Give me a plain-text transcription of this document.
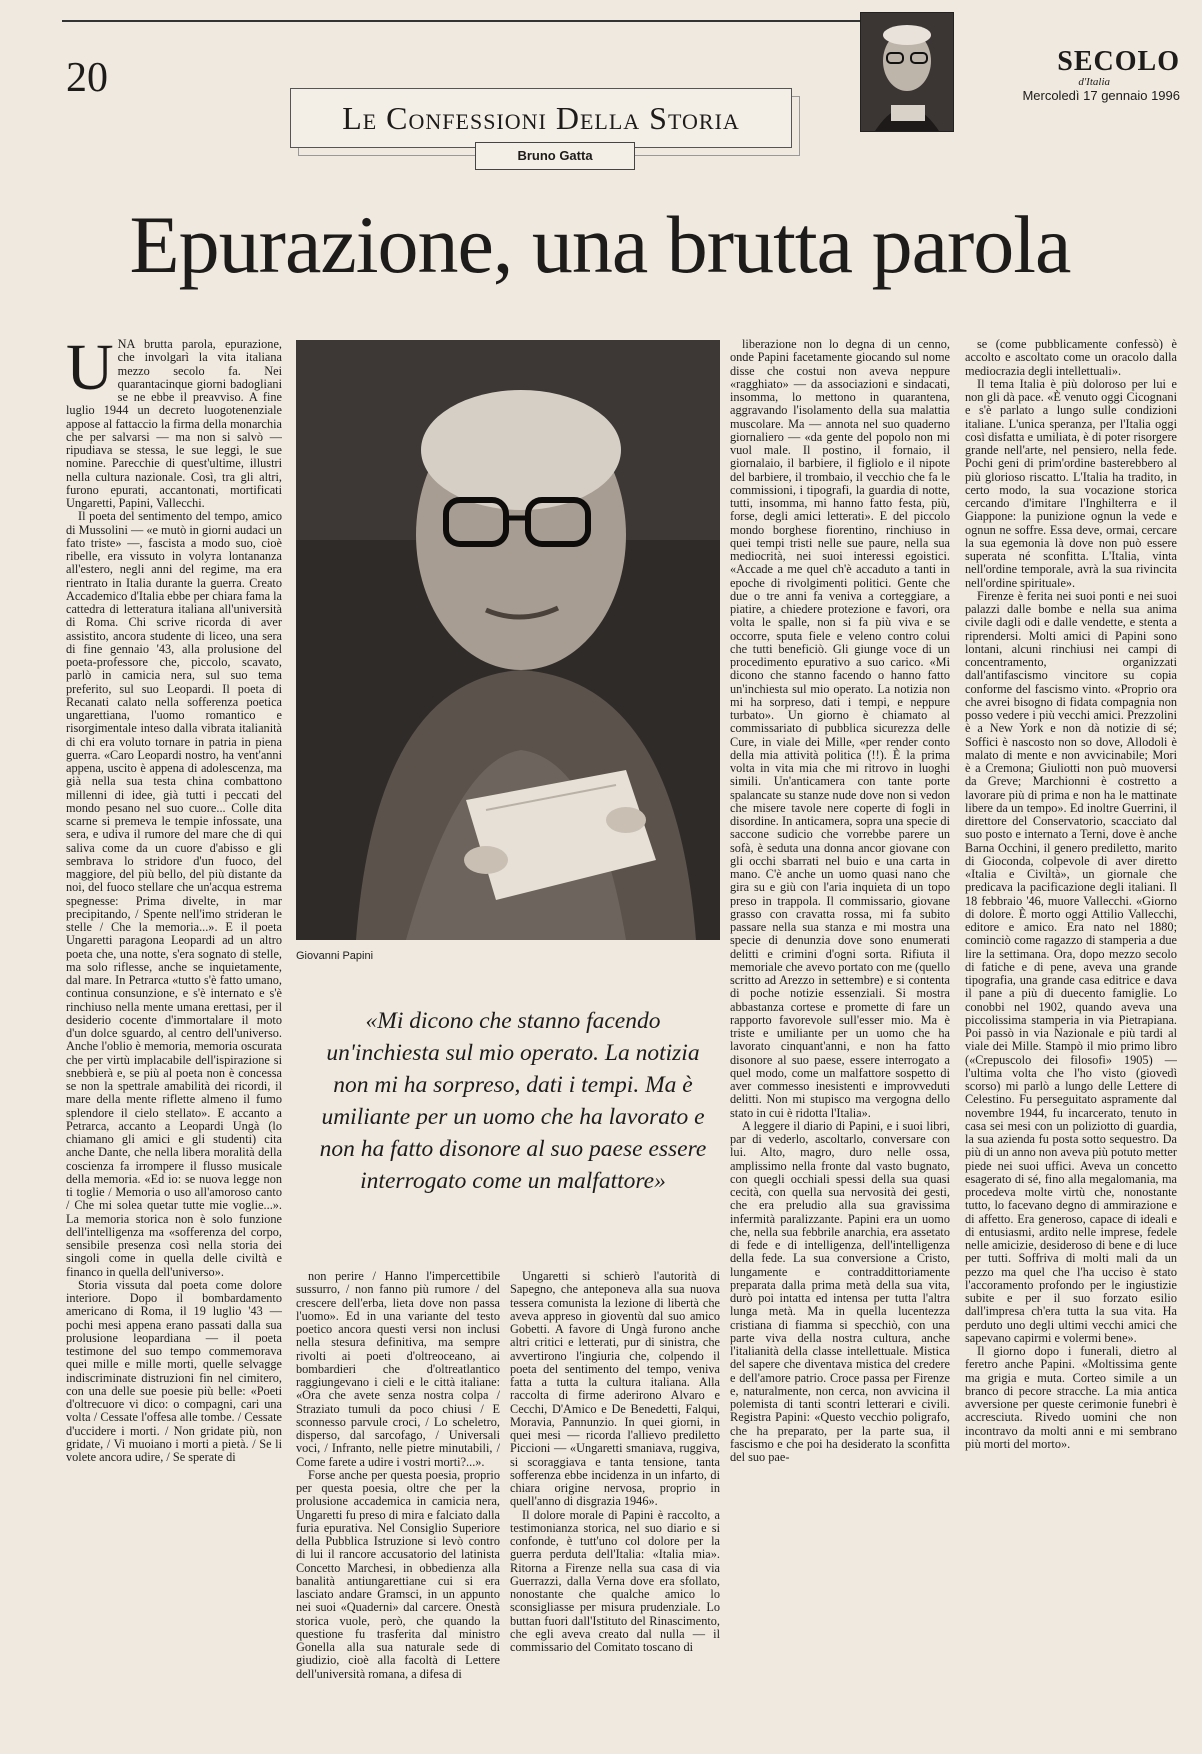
20
Le Confessioni Della Storia
Bruno Gatta
SECOLO
d'Italia
Mercoledì 17 gennaio 1996
Epurazione, una brutta parola

UNA brutta parola, epurazione, che involgarì la vita italiana mezzo secolo fa. Nei quarantacinque giorni badogliani se ne ebbe il preavviso. A fine luglio 1944 un decreto luogotenenziale appose al fattaccio la firma della monarchia che per salvarsi — ma non si salvò — ripudiava se stessa, le sue leggi, le sue nomine. Parecchie di quest'ultime, illustri nella cultura nazionale. Così, tra gli altri, furono epurati, accantonati, mortificati Ungaretti, Papini, Vallecchi.

Il poeta del sentimento del tempo, amico di Mussolini — «e mutò in giorni audaci un fato triste» —, fascista a modo suo, cioè ribelle, era vissuto in volута lontananza all'estero, negli anni del regime, ma era rientrato in Italia durante la guerra. Creato Accademico d'Italia ebbe per chiara fama la cattedra di letteratura italiana all'università di Roma. Chi scrive ricorda di aver assistito, ancora studente di liceo, una sera di fine gennaio '43, alla prolusione del poeta-professore che, piccolo, scavato, parlò in camicia nera, sul suo tema preferito, sul suo Leopardi. Il poeta di Recanati calato nella sofferenza poetica ungarettiana, l'uomo romantico e risorgimentale inteso dalla vibrata italianità di chi era voluto tornare in patria in piena guerra. «Caro Leopardi nostro, ha vent'anni appena, uscito è appena di adolescenza, ma già nella sua testa china combattono millenni di idee, già tutti i peccati del mondo pesano nel suo cuore... Colle dita scarne si premeva le tempie infossate, una sera, e udiva il rumore del mare che di qui salivа come da un cuore d'abisso e gli sembrava lo stridore d'un fuoco, del maggiore, del più bello, del più distante da noi, del fuoco stellare che un'acqua estrema spegnesse: Prima divelte, in mar precipitando, / Spente nell'imo strideran le stelle / Che la memoria...». E il poeta Ungaretti paragona Leopardi ad un altro poeta che, una notte, s'era sognato di stelle, ma solo riflesse, anche se inquietamente, dal mare. In Petrarca «tutto s'è fatto umano, continua consunzione, e s'è internato e s'è rinchiuso nella mente umana erettasi, per il desiderio cocente d'immortalare il moto d'un dolce sguardo, al centro dell'universo. Anche l'oblio è memoria, memoria oscurata che per virtù implacabile dell'ispirazione si snebbierà e, se più al poeta non è concessa se non la spettrale amabilità dei ricordi, il mare della mente riflette almeno il fumo splendore il cielo stellato». E accanto a Petrarca, accanto a Leopardi Ungà (lo chiamano gli amici e gli studenti) cita anche Dante, che nella libera moralità della coscienza fa irrompere il flusso musicale della memoria. «Ed io: se nuova legge non ti toglie / Memoria o uso all'amoroso canto / Che mi solea quetar tutte mie voglie...». La memoria storica non è solo funzione dell'intelligenza ma «sofferenza del corpo, sensibile presenza così nella storia dei singoli come in quella delle civiltà e financo in quella dell'universo».

Storia vissuta dal poeta come dolore interiore. Dopo il bombardamento americano di Roma, il 19 luglio '43 — pochi mesi appena erano passati dalla sua prolusione leopardiana — il poeta testimone del suo tempo commemorava quei mille e mille morti, quelle selvagge indiscriminate distruzioni fin nel cimitero, con una delle sue poesie più belle: «Poeti d'oltrecuore vi dico: o compagni, cari una volta / Cessate l'offesa alle tombe. / Cessate d'uccidere i morti. / Non gridate più, non gridate, / Vi muoiano i morti a pietà. / Se li volete ancora udire, / Se sperate di

Giovanni Papini
«Mi dicono che stanno facendo un'inchiesta sul mio operato. La notizia non mi ha sorpreso, dati i tempi. Ma è umiliante per un uomo che ha lavorato e non ha fatto disonore al suo paese essere interrogato come un malfattore»

non perire / Hanno l'impercettibile sussurro, / non fanno più rumore / del crescere dell'erba, lieta dove non passa l'uomo». Ed in una variante del testo poetico ancora questi versi non inclusi nella stesura definitiva, ma sempre rivolti ai poeti d'oltreoceano, ai bombardieri che d'oltreatlantico raggiungevano i cieli e le città italiane: «Ora che avete senza nostra colpa / Straziato tumuli da poco chiusi / E sconnesso parvule croci, / Lo scheletro, disperso, dal sarcofago, / Universali voci, / Infranto, nelle pietre minutabili, / Come farete a udire i vostri morti?...».

Forse anche per questa poesia, proprio per questa poesia, oltre che per la prolusione accademica in camicia nera, Ungaretti fu preso di mira e falciato dalla furia epurativa. Nel Consiglio Superiore della Pubblica Istruzione si levò contro di lui il rancore accusatorio del latinista Concetto Marchesi, in obbedienza alla banalità antiungarettiane cui si era lasciato andare Gramsci, in un appunto nei suoi «Quaderni» dal carcere. Onestà storica vuole, però, che quando la questione fu trasferita dal ministro Gonella alla sua naturale sede di giudizio, cioè alla facoltà di Lettere dell'università romana, a difesa di

Ungaretti si schierò l'autorità di Sapegno, che anteponeva alla sua nuova tessera comunista la lezione di libertà che aveva appreso in gioventù dal suo amico Gobetti. A favore di Ungà furono anche altri critici e letterati, pur di sinistra, che avvertirono l'ingiuria che, colpendo il poeta del sentimento del tempo, veniva fatta a tutta la cultura italiana. Alla raccolta di firme aderirono Alvaro e Cecchi, D'Amico e De Benedetti, Falqui, Moravia, Pannunzio. In quei giorni, in quei mesi — ricorda l'allievo prediletto Piccioni — «Ungaretti smaniava, ruggiva, si scoraggiava e tanta tensione, tanta sofferenza ebbe incidenza in un infarto, di chiara origine nervosa, proprio in quell'anno di disgrazia 1946».

Il dolore morale di Papini è raccolto, a testimonianza storica, nel suo diario e si confonde, è tutt'uno col dolore per la guerra perduta dell'Italia: «Italia mia». Ritorna a Firenze nella sua casa di via Guerrazzi, dalla Verna dove era sfollato, nonostante che qualche amico lo sconsigliasse per misura prudenziale. Lo buttan fuori dall'Istituto del Rinascimento, che egli aveva creato dal nulla — il commissario del Comitato toscano di

liberazione non lo degna di un cenno, onde Papini facetamente giocando sul nome disse che costui non aveva neppure «ragghiato» — da associazioni e sindacati, insomma, lo mettono in quarantena, aggravando l'isolamento della sua malattia muscolare. Ma — annota nel suo quaderno giornaliero — «da gente del popolo non mi vuol male. Il postino, il fornaio, il giornalaio, il barbiere, il figliolo e il nipote del barbiere, il trombaio, il vecchio che fa le commissioni, i tipografi, la guardia di notte, tutti, insomma, mi hanno fatto festa, più, forse, degli amici letterati». E del piccolo mondo borghese fiorentino, rinchiuso in quei tempi tristi nelle sue paure, nella sua mediocrità, nei suoi interessi egoistici. «Accade a me quel ch'è accaduto a tanti in epoche di rivolgimenti politici. Gente che due o tre anni fa veniva a corteggiare, a piatire, a chiedere protezione e favori, ora volta le spalle, non si fa più viva e se occorre, sputa fiele e veleno contro colui che tutti beneficiò. Gli giunge voce di un procedimento epurativo a suo carico. «Mi dicono che stanno facendo o hanno fatto un'inchiesta sul mio operato. La notizia non mi ha sorpreso, dati i tempi, e neppure turbato». Un giorno è chiamato al commissariato di pubblica sicurezza delle Cure, in viale dei Mille, «per render conto della mia attività politica (!!). È la prima volta in vita mia che mi ritrovo in luoghi simili. Un'anticamera con tante porte spalancate su stanze nude dove non si vedon che misere tavole nere coperte di fogli in disordine. In anticamera, sopra una specie di saccone sudicio che vorrebbe parere un sofà, è seduta una donna ancor giovane con gli occhi sbarrati nel buio e una carta in mano. C'è anche un uomo quasi nano che gira su e giù con l'aria inquieta di un topo preso in trappola. Il commissario, giovane grasso con cravatta rossa, mi fa subito passare nella sua stanza e mi mostra una specie di denunzia dove sono enumerati delitti e crimini d'ogni sorta. Rifiuta il memoriale che avevo portato con me (quello scritto ad Arezzo in settembre) e si contenta di poche notizie essenziali. Si mostra abbastanza cortese e promette di fare un rapporto favorevole sull'esser mio. Ma è triste e umiliante per un uomo che ha lavorato cinquant'anni, e non ha fatto disonore al suo paese, essere interrogato a quel modo, come un malfattore sospetto di aver commesso inesistenti e improvveduti delitti. Non mi stupisco ma vergogna dello stato in cui è ridotta l'Italia».

A leggere il diario di Papini, e i suoi libri, par di vederlo, ascoltarlo, conversare con lui. Alto, magro, duro nelle ossa, amplissimo nella fronte dal vasto bugnato, con quegli occhiali spessi della sua quasi cecità, con quella sua nervosità dei gesti, che era preludio alla sua gravissima infermità paralizzante. Papini era un uomo che, nella sua febbrile anarchia, era assetato di fede e di intelligenza, dell'intelligenza della fede. La sua conversione a Cristo, lungamente e contraddittoriamente preparata dalla prima metà della sua vita, durò poi intatta ed intensa per tutta l'altra lunga metà. Ma in quella lucentezza cristiana di fiamma si specchiò, con una parte viva della nostra cultura, anche l'italianità della classe intellettuale. Mistica del sapere che diventava mistica del credere e dell'amore patrio. Croce passa per Firenze e, naturalmente, non cerca, non avvicina il polemista di tanti scontri letterari e civili. Registra Papini: «Questo vecchio poligrafo, che ha preparato, per la parte sua, il fascismo e che poi ha desiderato la sconfitta del suo pae-

se (come pubblicamente confessò) è accolto e ascoltato come un oracolo dalla mediocrazia degli intellettuali».

Il tema Italia è più doloroso per lui e non gli dà pace. «È venuto oggi Cicognani e s'è parlato a lungo sulle condizioni italiane. L'unica speranza, per l'Italia oggi così disfatta e umiliata, è di poter risorgere grande nell'arte, nel pensiero, nella fede. Pochi geni di prim'ordine basterebbero al più glorioso riscatto. L'Italia ha tradito, in certo modo, la sua vocazione storica cercando d'imitare l'Inghilterra e il Giappone: la punizione ognun la vede e ognun ne soffre. Essa deve, ormai, cercare la sua egemonia là dove non può essere superata né sconfitta. L'Italia, vinta nell'ordine temporale, avrà la sua rivincita nell'ordine spirituale».

Firenze è ferita nei suoi ponti e nei suoi palazzi dalle bombe e nella sua anima civile dagli odi e dalle vendette, e stenta a riprendersi. Molti amici di Papini sono lontani, alcuni rinchiusi nei campi di concentramento, organizzati dall'antifascismo vincitore su copia conforme del fascismo vinto. «Proprio ora che avrei bisogno di fidata compagnia non posso vedere i più vecchi amici. Prezzolini è a New York e non dà notizie di sé; Soffici è nascosto non so dove, Allodoli è malato di mente e non avvicinabile; Mori è a Cremona; Giuliotti non può muoversi da Greve; Marchionni è costretto a lavorare più di prima e non ha le mattinate libere da un tempo». Ed inoltre Guerrini, il direttore del Conservatorio, scacciato dal suo posto e internato a Terni, dove è anche Barna Occhini, il genero prediletto, marito di Gioconda, colpevole di aver diretto «Italia e Civiltà», un giornale che predicava la pacificazione degli italiani. Il 18 febbraio '46, muore Vallecchi. «Giorno di dolore. È morto oggi Attilio Vallecchi, editore e amico. Era nato nel 1880; cominciò come ragazzo di stamperia a due lire la settimana. Ora, dopo mezzo secolo di fatiche e di pene, aveva una grande tipografia, una grande casa editrice e dava il pane a più di duecento famiglie. Lo conobbi nel 1902, quando aveva una piccolissima stamperia in via Pietrapiana. Poi passò in via Nazionale e più tardi al viale dei Mille. Stampò il mio primo libro («Crepuscolo dei filosofi» 1905) — l'ultima volta che l'ho visto (giovedì scorso) mi parlò a lungo delle Lettere di Celestino. Fu perseguitato aspramente dal novembre 1944, fu incarcerato, tenuto in casa sei mesi con un poliziotto di guardia, la sua azienda fu posta sotto sequestro. Da più di un anno non aveva più potuto metter piede nei suoi uffici. Aveva un concetto esagerato di sé, fino alla megalomania, ma procedeva molte virtù che, nonostante tutto, lo facevano degno di ammirazione e di affetto. Era generoso, capace di ideali e di entusiasmi, ardito nelle imprese, fedele nelle amicizie, desideroso di bene e di luce per tutti. Soffriva di molti mali da un pezzo ma quel che l'ha ucciso è stato l'accoramento profondo per le ingiustizie subite e per il suo forzato esilio dall'impresa ch'era tutta la sua vita. Ha perduto uno degli ultimi vecchi amici che sapevano capirmi e volermi bene».

Il giorno dopo i funerali, dietro al feretro anche Papini. «Moltissima gente ma grigia e muta. Corteo simile a un branco di pecore stracche. La mia antica avversione per queste cerimonie funebri è accresciuta. Rivedo uomini che non incontravo da molti anni e mi sembrano più morti del morto».
